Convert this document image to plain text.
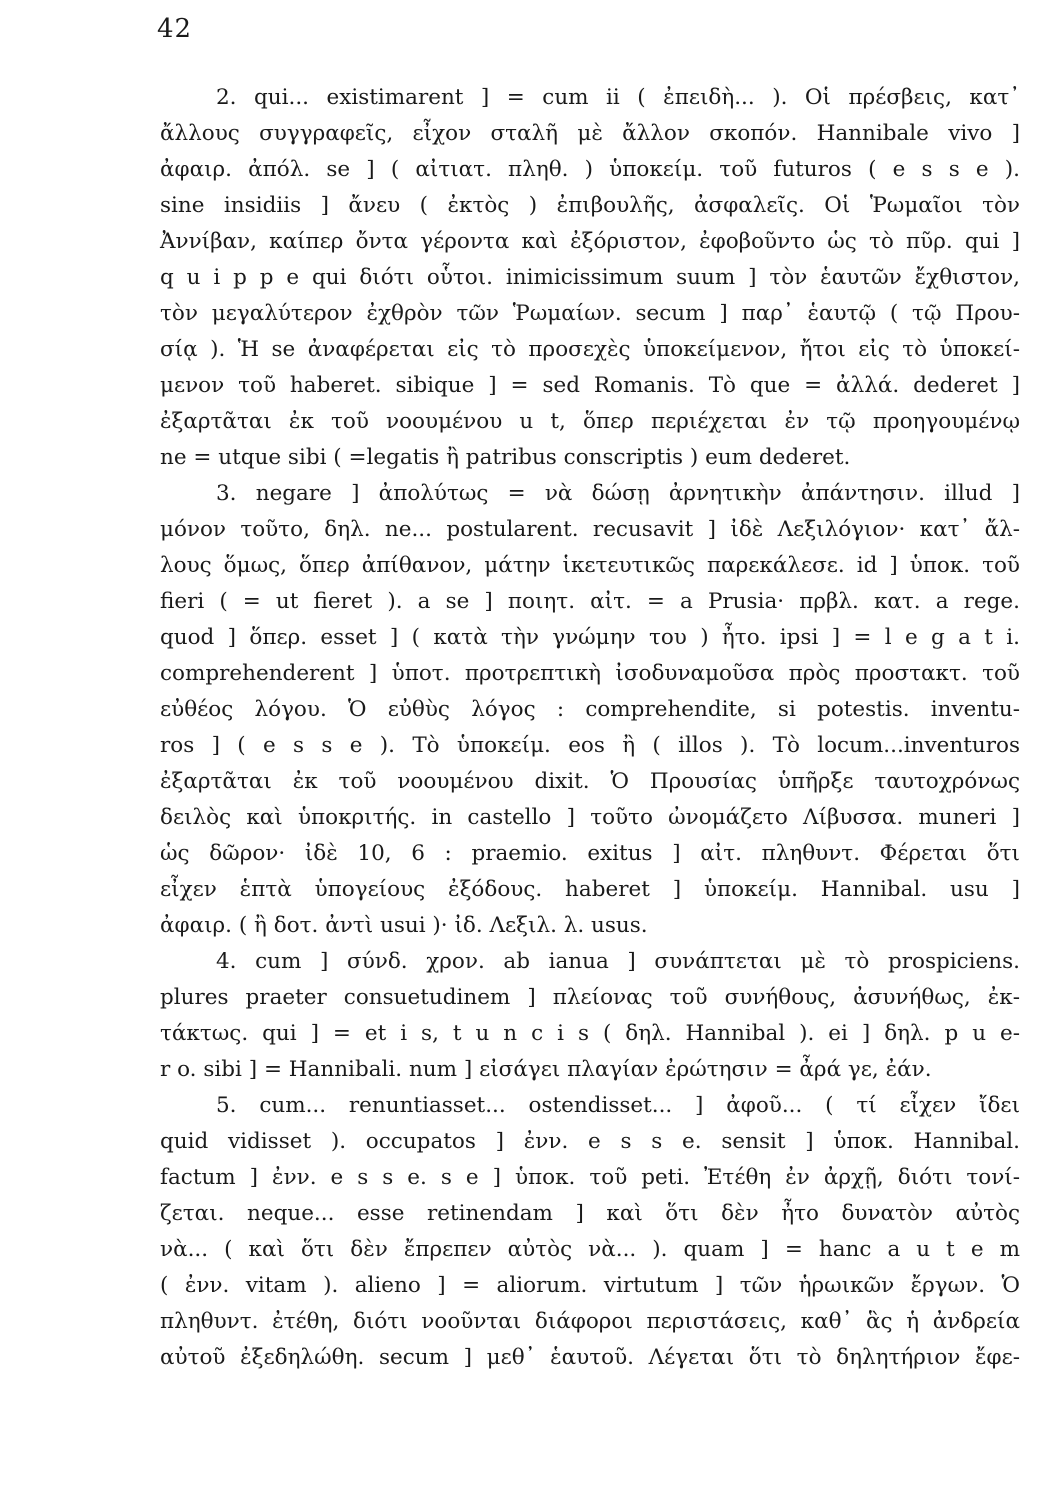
42
2. qui... existimarent ] = cum ii ( ἐπειδὴ... ). Οἱ πρέσβεις, κατ᾽
ἄλλους συγγραφεῖς, εἶχον σταλῆ μὲ ἄλλον σκοπόν. Hannibale vivo ]
ἀφαιρ. ἀπόλ. se ] ( αἰτιατ. πληθ. ) ὑποκείμ. τοῦ futuros ( e s s e ).
sine insidiis ] ἄνευ ( ἐκτὸς ) ἐπιβουλῆς, ἀσφαλεῖς. Οἱ Ῥωμαῖοι τὸν
Ἀννίβαν, καίπερ ὄντα γέροντα καὶ ἐξόριστον, ἐφοβοῦντο ὡς τὸ πῦρ. qui ]
q u i p p e qui διότι οὗτοι. inimicissimum suum ] τὸν ἑαυτῶν ἔχθιστον,
τὸν μεγαλύτερον ἐχθρὸν τῶν Ῥωμαίων. secum ] παρ᾽ ἑαυτῷ ( τῷ Πρου-
σίᾳ ). Ἡ se ἀναφέρεται εἰς τὸ προσεχὲς ὑποκείμενον, ἤτοι εἰς τὸ ὑποκεί-
μενον τοῦ haberet. sibique ] = sed Romanis. Τὸ que = ἀλλά. dederet ]
ἐξαρτᾶται ἐκ τοῦ νοουμένου u t, ὅπερ περιέχεται ἐν τῷ προηγουμένῳ
ne = utque sibi ( =legatis ἢ patribus conscriptis ) eum dederet.
3. negare ] ἀπολύτως = νὰ δώσῃ ἀρνητικὴν ἀπάντησιν. illud ]
μόνον τοῦτο, δηλ. ne... postularent. recusavit ] ἰδὲ Λεξιλόγιον· κατ᾽ ἄλ-
λους ὅμως, ὅπερ ἀπίθανον, μάτην ἱκετευτικῶς παρεκάλεσε. id ] ὑποκ. τοῦ
fieri ( = ut fieret ). a se ] ποιητ. αἰτ. = a Prusia· πρβλ. κατ. a rege.
quod ] ὅπερ. esset ] ( κατὰ τὴν γνώμην του ) ἦτο. ipsi ] = l e g a t i.
comprehenderent ] ὑποτ. προτρεπτικὴ ἰσοδυναμοῦσα πρὸς προστακτ. τοῦ
εὐθέος λόγου. Ὁ εὐθὺς λόγος : comprehendite, si potestis. inventu-
ros ] ( e s s e ). Τὸ ὑποκείμ. eos ἢ ( illos ). Τὸ locum...inventuros
ἐξαρτᾶται ἐκ τοῦ νοουμένου dixit. Ὁ Προυσίας ὑπῆρξε ταυτοχρόνως
δειλὸς καὶ ὑποκριτής. in castello ] τοῦτο ὠνομάζετο Λίβυσσα. muneri ]
ὡς δῶρον· ἰδὲ 10, 6 : praemio. exitus ] αἰτ. πληθυντ. Φέρεται ὅτι
εἶχεν ἑπτὰ ὑπογείους ἐξόδους. haberet ] ὑποκείμ. Hannibal. usu ]
ἀφαιρ. ( ἢ δοτ. ἀντὶ usui )· ἰδ. Λεξιλ. λ. usus.
4. cum ] σύνδ. χρον. ab ianua ] συνάπτεται μὲ τὸ prospiciens.
plures praeter consuetudinem ] πλείονας τοῦ συνήθους, ἀσυνήθως, ἐκ-
τάκτως. qui ] = et i s, t u n c i s ( δηλ. Hannibal ). ei ] δηλ. p u e-
r o. sibi ] = Hannibali. num ] εἰσάγει πλαγίαν ἐρώτησιν = ἆρά γε, ἐάν.
5. cum... renuntiasset... ostendisset... ] ἀφοῦ... ( τί εἶχεν ἴδει
quid vidisset ). occupatos ] ἐνν. e s s e. sensit ] ὑποκ. Hannibal.
factum ] ἐνν. e s s e. s e ] ὑποκ. τοῦ peti. Ἐτέθη ἐν ἀρχῇ, διότι τονί-
ζεται. neque... esse retinendam ] καὶ ὅτι δὲν ἦτο δυνατὸν αὐτὸς
νὰ... ( καὶ ὅτι δὲν ἔπρεπεν αὐτὸς νὰ... ). quam ] = hanc a u t e m
( ἐνν. vitam ). alieno ] = aliorum. virtutum ] τῶν ἡρωικῶν ἔργων. Ὁ
πληθυντ. ἐτέθη, διότι νοοῦνται διάφοροι περιστάσεις, καθ᾽ ἃς ἡ ἀνδρεία
αὐτοῦ ἐξεδηλώθη. secum ] μεθ᾽ ἑαυτοῦ. Λέγεται ὅτι τὸ δηλητήριον ἔφε-
